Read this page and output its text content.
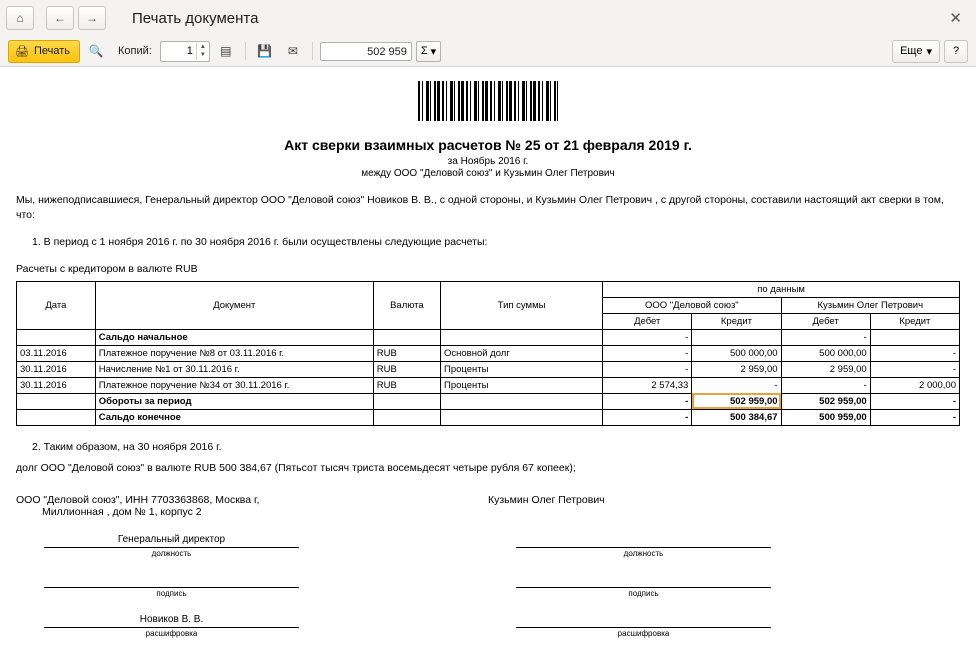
⌂	← → Печать документа	✕
🖨 Печать 🔍 Копий:
1	▲
▼ ▤ 💾 ✉	502 959	Σ ▾	Еще ▾ ?
Акт сверки взаимных расчетов № 25 от 21 февраля 2019 г.
за Ноябрь 2016 г.
между ООО "Деловой союз" и Кузьмин Олег Петрович

Мы, нижеподписавшиеся, Генеральный директор ООО "Деловой союз" Новиков В. В., с одной стороны, и Кузьмин Олег Петрович , с другой стороны, составили настоящий акт сверки в том, что:

1. В период с 1 ноября 2016 г. по 30 ноября 2016 г. были осуществлены следующие расчеты:

Расчеты с кредитором в валюте RUB

Дата	Документ	Валюта	Тип суммы	по данным			
				ООО "Деловой союз"		Кузьмин Олег Петрович	
				Дебет	Кредит	Дебет	Кредит
	Сальдо начальное			-		-	
03.11.2016	Платежное поручение №8 от 03.11.2016 г.	RUB	Основной долг	-	500 000,00	500 000,00	-
30.11.2016	Начисление №1 от 30.11.2016 г.	RUB	Проценты	-	2 959,00	2 959,00	-
30.11.2016	Платежное поручение №34 от 30.11.2016 г.	RUB	Проценты	2 574,33	-	-	2 000,00
	Обороты за период			-	502 959,00	502 959,00	-
	Сальдо конечное			-	500 384,67	500 959,00	-

2. Таким образом, на 30 ноября 2016 г.

долг ООО "Деловой союз" в валюте RUB 500 384,67 (Пятьсот тысяч триста восемьдесят четыре рубля 67 копеек);

ООО "Деловой союз", ИНН 7703363868, Москва г,
Миллионная , дом № 1, корпус 2
Кузьмин Олег Петрович
Генеральный директор
должность	должность
подпись	подпись
Новиков В. В.
расшифровка	расшифровка
